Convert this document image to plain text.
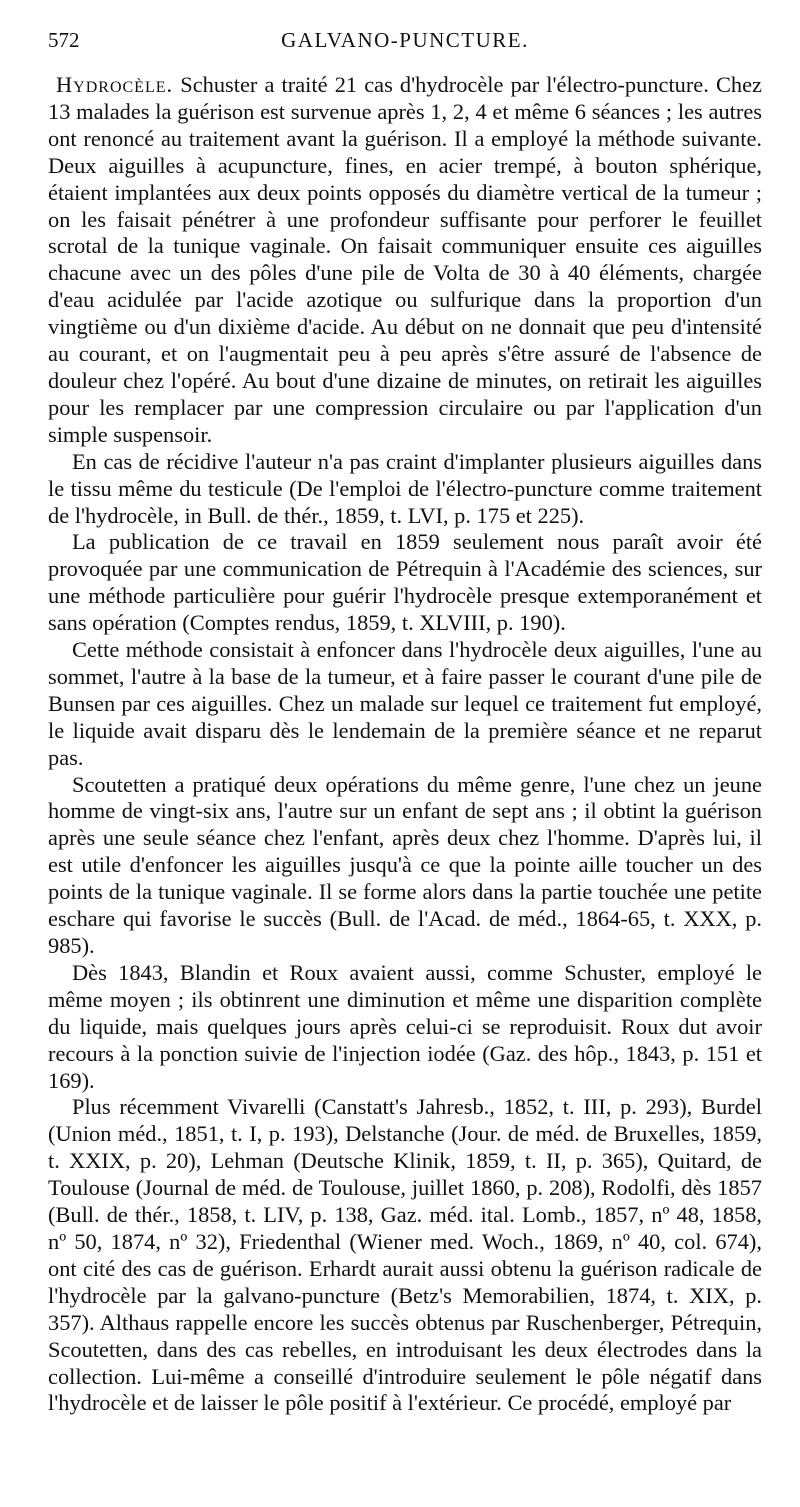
572	GALVANO-PUNCTURE.

Hydrocèle. Schuster a traité 21 cas d'hydrocèle par l'électro-puncture. Chez 13 malades la guérison est survenue après 1, 2, 4 et même 6 séances ; les autres ont renoncé au traitement avant la guérison. Il a employé la méthode suivante. Deux aiguilles à acupuncture, fines, en acier trempé, à bouton sphérique, étaient implantées aux deux points opposés du diamètre vertical de la tumeur ; on les faisait pénétrer à une profondeur suffisante pour perforer le feuillet scrotal de la tunique vaginale. On faisait communiquer ensuite ces aiguilles chacune avec un des pôles d'une pile de Volta de 30 à 40 éléments, chargée d'eau acidulée par l'acide azotique ou sulfurique dans la proportion d'un vingtième ou d'un dixième d'acide. Au début on ne donnait que peu d'intensité au courant, et on l'augmentait peu à peu après s'être assuré de l'absence de douleur chez l'opéré. Au bout d'une dizaine de minutes, on retirait les aiguilles pour les remplacer par une compression circulaire ou par l'application d'un simple suspensoir.

En cas de récidive l'auteur n'a pas craint d'implanter plusieurs aiguilles dans le tissu même du testicule (De l'emploi de l'électro-puncture comme traitement de l'hydrocèle, in Bull. de thér., 1859, t. LVI, p. 175 et 225).

La publication de ce travail en 1859 seulement nous paraît avoir été provoquée par une communication de Pétrequin à l'Académie des sciences, sur une méthode particulière pour guérir l'hydrocèle presque extemporanément et sans opération (Comptes rendus, 1859, t. XLVIII, p. 190).

Cette méthode consistait à enfoncer dans l'hydrocèle deux aiguilles, l'une au sommet, l'autre à la base de la tumeur, et à faire passer le courant d'une pile de Bunsen par ces aiguilles. Chez un malade sur lequel ce traitement fut employé, le liquide avait disparu dès le lendemain de la première séance et ne reparut pas.

Scoutetten a pratiqué deux opérations du même genre, l'une chez un jeune homme de vingt-six ans, l'autre sur un enfant de sept ans ; il obtint la guérison après une seule séance chez l'enfant, après deux chez l'homme. D'après lui, il est utile d'enfoncer les aiguilles jusqu'à ce que la pointe aille toucher un des points de la tunique vaginale. Il se forme alors dans la partie touchée une petite eschare qui favorise le succès (Bull. de l'Acad. de méd., 1864-65, t. XXX, p. 985).

Dès 1843, Blandin et Roux avaient aussi, comme Schuster, employé le même moyen ; ils obtinrent une diminution et même une disparition complète du liquide, mais quelques jours après celui-ci se reproduisit. Roux dut avoir recours à la ponction suivie de l'injection iodée (Gaz. des hôp., 1843, p. 151 et 169).

Plus récemment Vivarelli (Canstatt's Jahresb., 1852, t. III, p. 293), Burdel (Union méd., 1851, t. I, p. 193), Delstanche (Jour. de méd. de Bruxelles, 1859, t. XXIX, p. 20), Lehman (Deutsche Klinik, 1859, t. II, p. 365), Quitard, de Toulouse (Journal de méd. de Toulouse, juillet 1860, p. 208), Rodolfi, dès 1857 (Bull. de thér., 1858, t. LIV, p. 138, Gaz. méd. ital. Lomb., 1857, nº 48, 1858, nº 50, 1874, nº 32), Friedenthal (Wiener med. Woch., 1869, nº 40, col. 674), ont cité des cas de guérison. Erhardt aurait aussi obtenu la guérison radicale de l'hydrocèle par la galvano-puncture (Betz's Memorabilien, 1874, t. XIX, p. 357). Althaus rappelle encore les succès obtenus par Ruschenberger, Pétrequin, Scoutetten, dans des cas rebelles, en introduisant les deux électrodes dans la collection. Lui-même a conseillé d'introduire seulement le pôle négatif dans l'hydrocèle et de laisser le pôle positif à l'extérieur. Ce procédé, employé par
